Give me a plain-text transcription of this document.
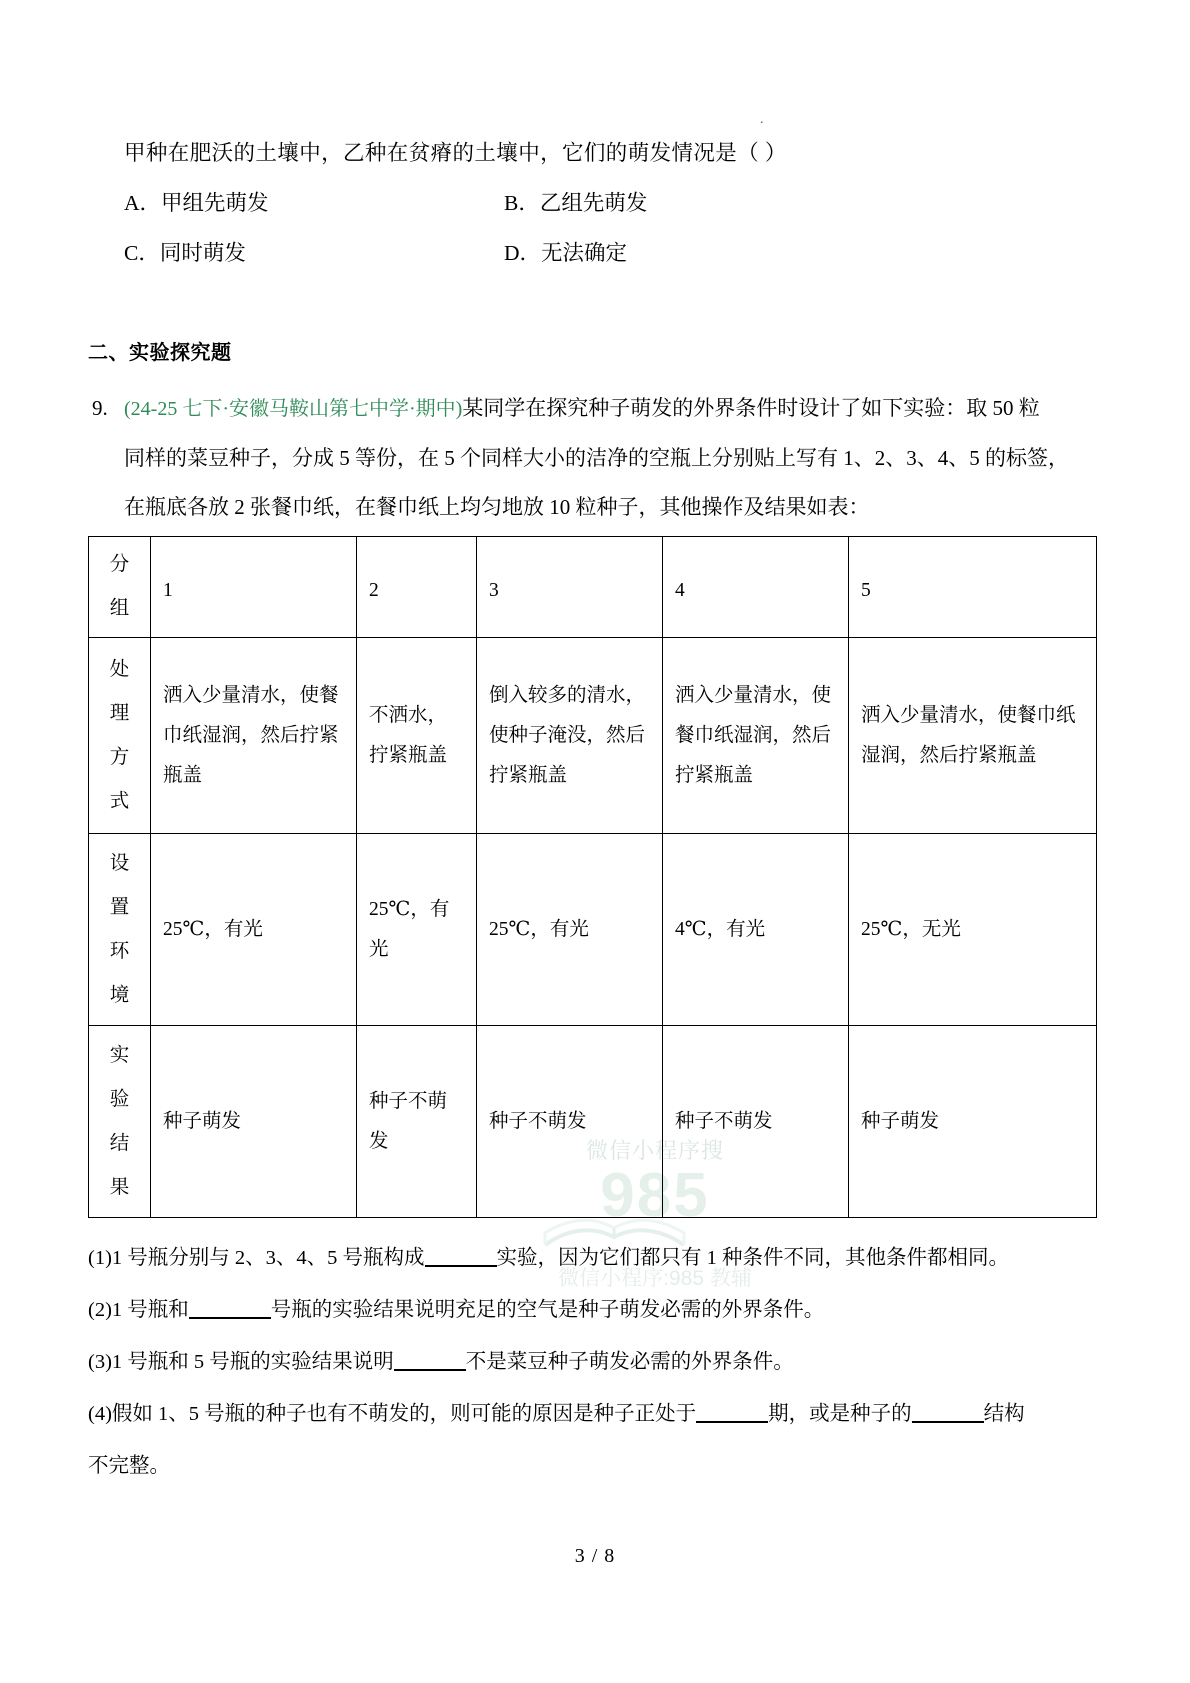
.
甲种在肥沃的土壤中，乙种在贫瘠的土壤中，它们的萌发情况是（ ）
A．甲组先萌发	B．乙组先萌发
C．同时萌发	D．无法确定
二、实验探究题
9. (24-25 七下·安徽马鞍山第七中学·期中)某同学在探究种子萌发的外界条件时设计了如下实验：取 50 粒
同样的菜豆种子，分成 5 等份，在 5 个同样大小的洁净的空瓶上分别贴上写有 1、2、3、4、5 的标签，
在瓶底各放 2 张餐巾纸，在餐巾纸上均匀地放 10 粒种子，其他操作及结果如表：
微信小程序搜
985
微信小程序:985 教辅
分
组	1	2	3	4	5

处
理
方
式	洒入少量清水，使餐巾纸湿润，然后拧紧瓶盖	不洒水，拧紧瓶盖	倒入较多的清水，使种子淹没，然后拧紧瓶盖	洒入少量清水，使餐巾纸湿润，然后拧紧瓶盖	洒入少量清水，使餐巾纸湿润，然后拧紧瓶盖

设
置
环
境	25℃，有光	25℃，有光	25℃，有光	4℃，有光	25℃，无光

实
验
结
果	种子萌发	种子不萌发	种子不萌发	种子不萌发	种子萌发
(1)1 号瓶分别与 2、3、4、5 号瓶构成	实验，因为它们都只有 1 种条件不同，其他条件都相同。
(2)1 号瓶和	号瓶的实验结果说明充足的空气是种子萌发必需的外界条件。
(3)1 号瓶和 5 号瓶的实验结果说明	不是菜豆种子萌发必需的外界条件。
(4)假如 1、5 号瓶的种子也有不萌发的，则可能的原因是种子正处于	期，或是种子的	结构
不完整。
3 / 8
